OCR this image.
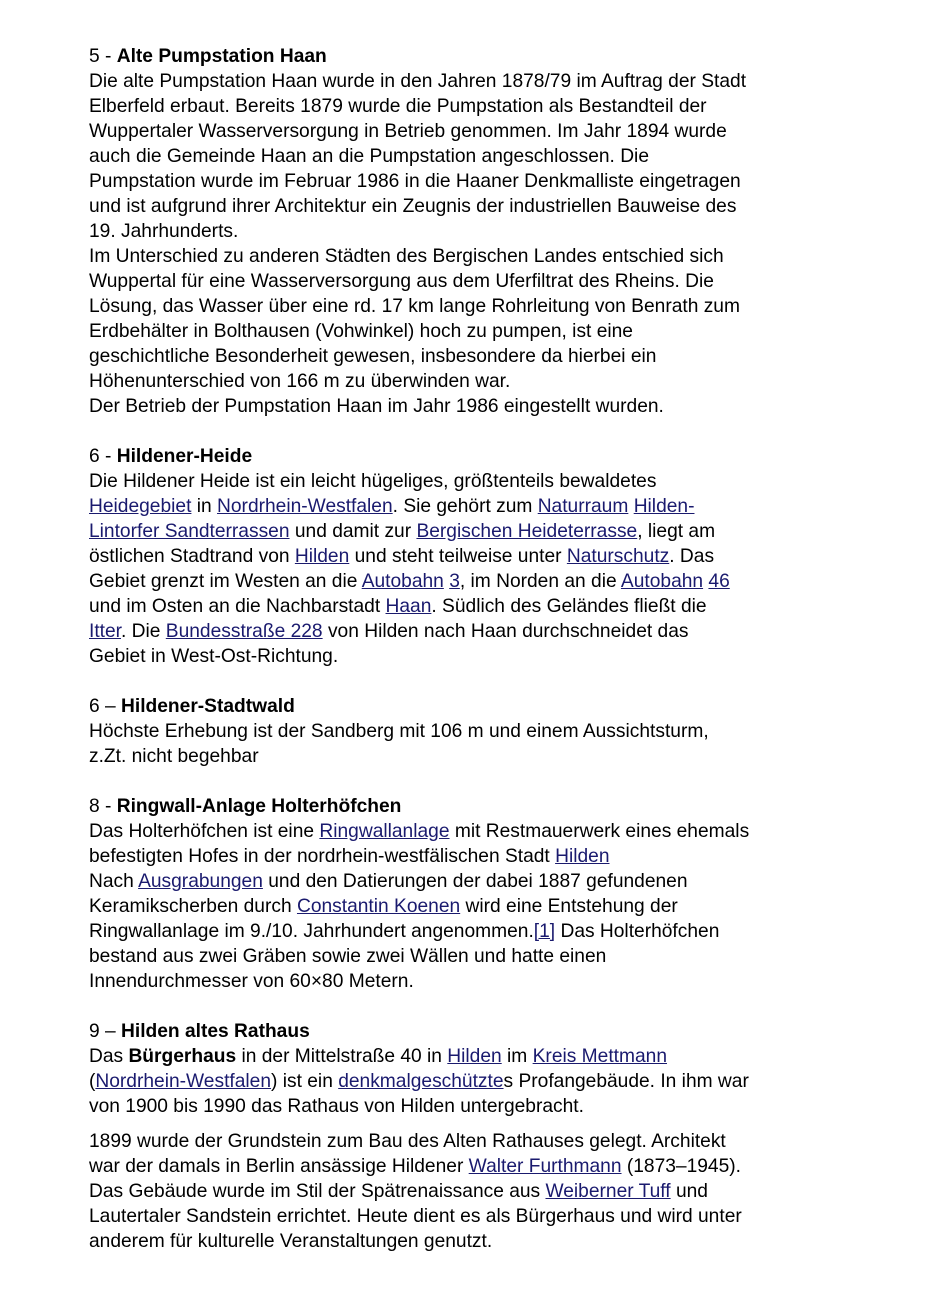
5 - Alte Pumpstation Haan
Die alte Pumpstation Haan wurde in den Jahren 1878/79 im Auftrag der Stadt
Elberfeld erbaut. Bereits 1879 wurde die Pumpstation als Bestandteil der
Wuppertaler Wasserversorgung in Betrieb genommen. Im Jahr 1894 wurde
auch die Gemeinde Haan an die Pumpstation angeschlossen. Die
Pumpstation wurde im Februar 1986 in die Haaner Denkmalliste eingetragen
und ist aufgrund ihrer Architektur ein Zeugnis der industriellen Bauweise des
19. Jahrhunderts.
Im Unterschied zu anderen Städten des Bergischen Landes entschied sich
Wuppertal für eine Wasserversorgung aus dem Uferfiltrat des Rheins. Die
Lösung, das Wasser über eine rd. 17 km lange Rohrleitung von Benrath zum
Erdbehälter in Bolthausen (Vohwinkel) hoch zu pumpen, ist eine
geschichtliche Besonderheit gewesen, insbesondere da hierbei ein
Höhenunterschied von 166 m zu überwinden war.
Der Betrieb der Pumpstation Haan im Jahr 1986 eingestellt wurden.
6 - Hildener-Heide
Die Hildener Heide ist ein leicht hügeliges, größtenteils bewaldetes
Heidegebiet in Nordrhein-Westfalen. Sie gehört zum Naturraum Hilden-
Lintorfer Sandterrassen und damit zur Bergischen Heideterrasse, liegt am
östlichen Stadtrand von Hilden und steht teilweise unter Naturschutz. Das
Gebiet grenzt im Westen an die Autobahn 3, im Norden an die Autobahn 46
und im Osten an die Nachbarstadt Haan. Südlich des Geländes fließt die
Itter. Die Bundesstraße 228 von Hilden nach Haan durchschneidet das
Gebiet in West-Ost-Richtung.
6 – Hildener-Stadtwald
Höchste Erhebung ist der Sandberg mit 106 m und einem Aussichtsturm,
z.Zt. nicht begehbar
8 - Ringwall-Anlage Holterhöfchen
Das Holterhöfchen ist eine Ringwallanlage mit Restmauerwerk eines ehemals
befestigten Hofes in der nordrhein-westfälischen Stadt Hilden
Nach Ausgrabungen und den Datierungen der dabei 1887 gefundenen
Keramikscherben durch Constantin Koenen wird eine Entstehung der
Ringwallanlage im 9./10. Jahrhundert angenommen.[1] Das Holterhöfchen
bestand aus zwei Gräben sowie zwei Wällen und hatte einen
Innendurchmesser von 60×80 Metern.
9 – Hilden altes Rathaus
Das Bürgerhaus in der Mittelstraße 40 in Hilden im Kreis Mettmann
(Nordrhein-Westfalen) ist ein denkmalgeschütztes Profangebäude. In ihm war
von 1900 bis 1990 das Rathaus von Hilden untergebracht.
1899 wurde der Grundstein zum Bau des Alten Rathauses gelegt. Architekt
war der damals in Berlin ansässige Hildener Walter Furthmann (1873–1945).
Das Gebäude wurde im Stil der Spätrenaissance aus Weiberner Tuff und
Lautertaler Sandstein errichtet. Heute dient es als Bürgerhaus und wird unter
anderem für kulturelle Veranstaltungen genutzt.
